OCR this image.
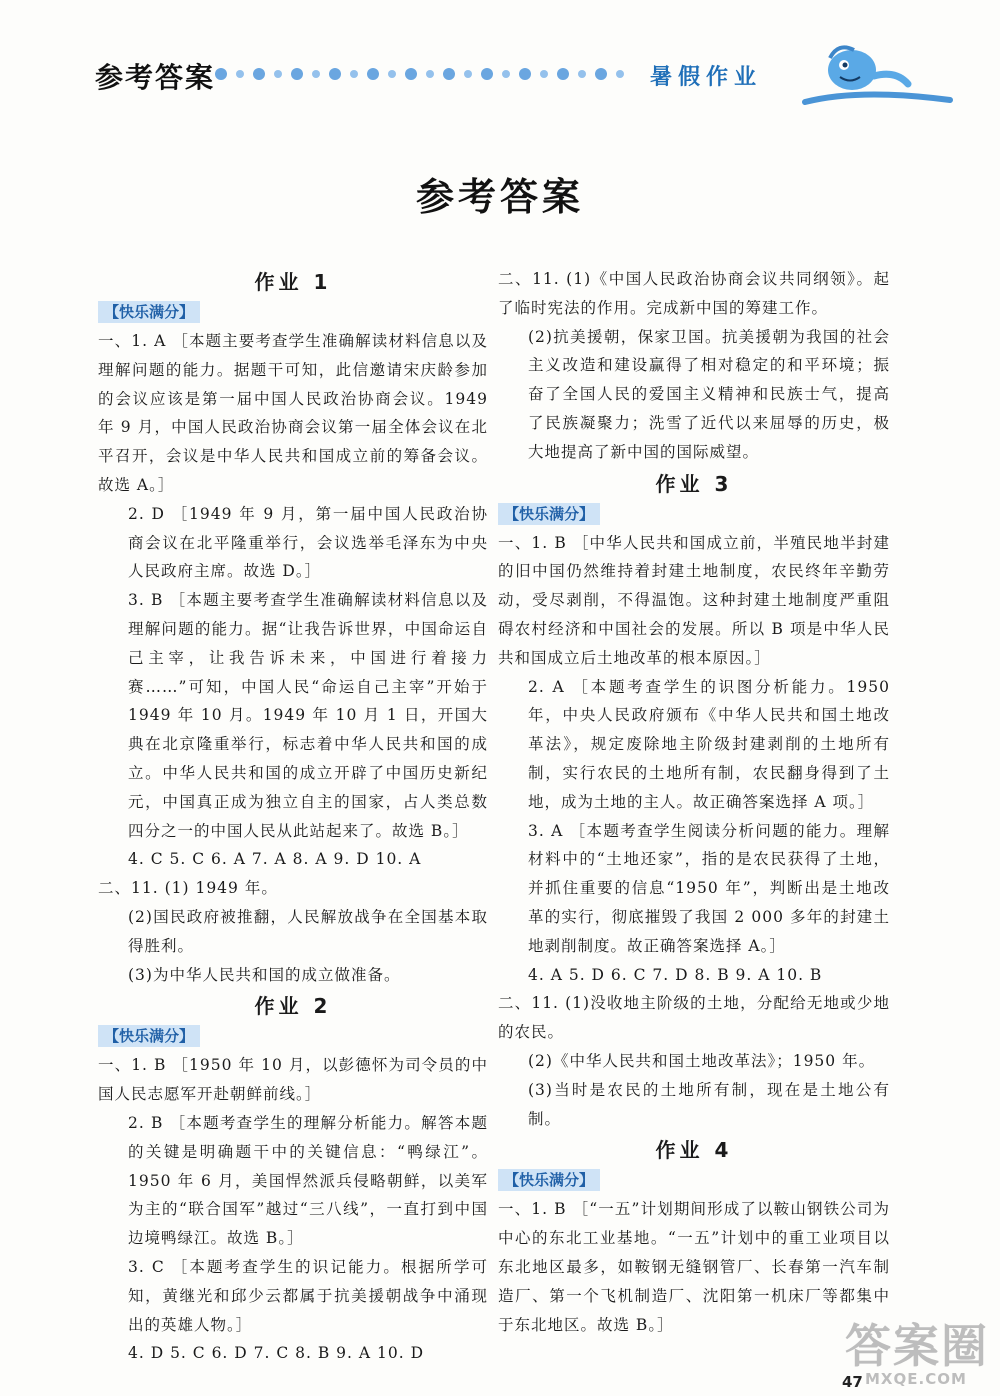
参考答案	暑假作业
参考答案
作业 1
【快乐满分】

一、1. A ［本题主要考查学生准确解读材料信息以及理解问题的能力。据题干可知，此信邀请宋庆龄参加的会议应该是第一届中国人民政治协商会议。1949 年 9 月，中国人民政治协商会议第一届全体会议在北平召开，会议是中华人民共和国成立前的筹备会议。故选 A。］

2. D ［1949 年 9 月，第一届中国人民政治协商会议在北平隆重举行，会议选举毛泽东为中央人民政府主席。故选 D。］

3. B ［本题主要考查学生准确解读材料信息以及理解问题的能力。据“让我告诉世界，中国命运自己主宰，让我告诉未来，中国进行着接力赛……”可知，中国人民“命运自己主宰”开始于 1949 年 10 月。1949 年 10 月 1 日，开国大典在北京隆重举行，标志着中华人民共和国的成立。中华人民共和国的成立开辟了中国历史新纪元，中国真正成为独立自主的国家，占人类总数四分之一的中国人民从此站起来了。故选 B。］

4. C 5. C 6. A 7. A 8. A 9. D 10. A

二、11. (1) 1949 年。

(2)国民政府被推翻，人民解放战争在全国基本取得胜利。

(3)为中华人民共和国的成立做准备。

作业 2
【快乐满分】

一、1. B ［1950 年 10 月，以彭德怀为司令员的中国人民志愿军开赴朝鲜前线。］

2. B ［本题考查学生的理解分析能力。解答本题的关键是明确题干中的关键信息：“鸭绿江”。1950 年 6 月，美国悍然派兵侵略朝鲜，以美军为主的“联合国军”越过“三八线”，一直打到中国边境鸭绿江。故选 B。］

3. C ［本题考查学生的识记能力。根据所学可知，黄继光和邱少云都属于抗美援朝战争中涌现出的英雄人物。］

4. D 5. C 6. D 7. C 8. B 9. A 10. D

二、11. (1)《中国人民政治协商会议共同纲领》。起了临时宪法的作用。完成新中国的筹建工作。

(2)抗美援朝，保家卫国。抗美援朝为我国的社会主义改造和建设赢得了相对稳定的和平环境；振奋了全国人民的爱国主义精神和民族士气，提高了民族凝聚力；洗雪了近代以来屈辱的历史，极大地提高了新中国的国际威望。

作业 3
【快乐满分】

一、1. B ［中华人民共和国成立前，半殖民地半封建的旧中国仍然维持着封建土地制度，农民终年辛勤劳动，受尽剥削，不得温饱。这种封建土地制度严重阻碍农村经济和中国社会的发展。所以 B 项是中华人民共和国成立后土地改革的根本原因。］

2. A ［本题考查学生的识图分析能力。1950 年，中央人民政府颁布《中华人民共和国土地改革法》，规定废除地主阶级封建剥削的土地所有制，实行农民的土地所有制，农民翻身得到了土地，成为土地的主人。故正确答案选择 A 项。］

3. A ［本题考查学生阅读分析问题的能力。理解材料中的“土地还家”，指的是农民获得了土地，并抓住重要的信息“1950 年”，判断出是土地改革的实行，彻底摧毁了我国 2 000 多年的封建土地剥削制度。故正确答案选择 A。］

4. A 5. D 6. C 7. D 8. B 9. A 10. B

二、11. (1)没收地主阶级的土地，分配给无地或少地的农民。

(2)《中华人民共和国土地改革法》；1950 年。

(3)当时是农民的土地所有制，现在是土地公有制。

作业 4
【快乐满分】

一、1. B ［“一五”计划期间形成了以鞍山钢铁公司为中心的东北工业基地。“一五”计划中的重工业项目以东北地区最多，如鞍钢无缝钢管厂、长春第一汽车制造厂、第一个飞机制造厂、沈阳第一机床厂等都集中于东北地区。故选 B。］	答案圈
MXQE.COM
47
